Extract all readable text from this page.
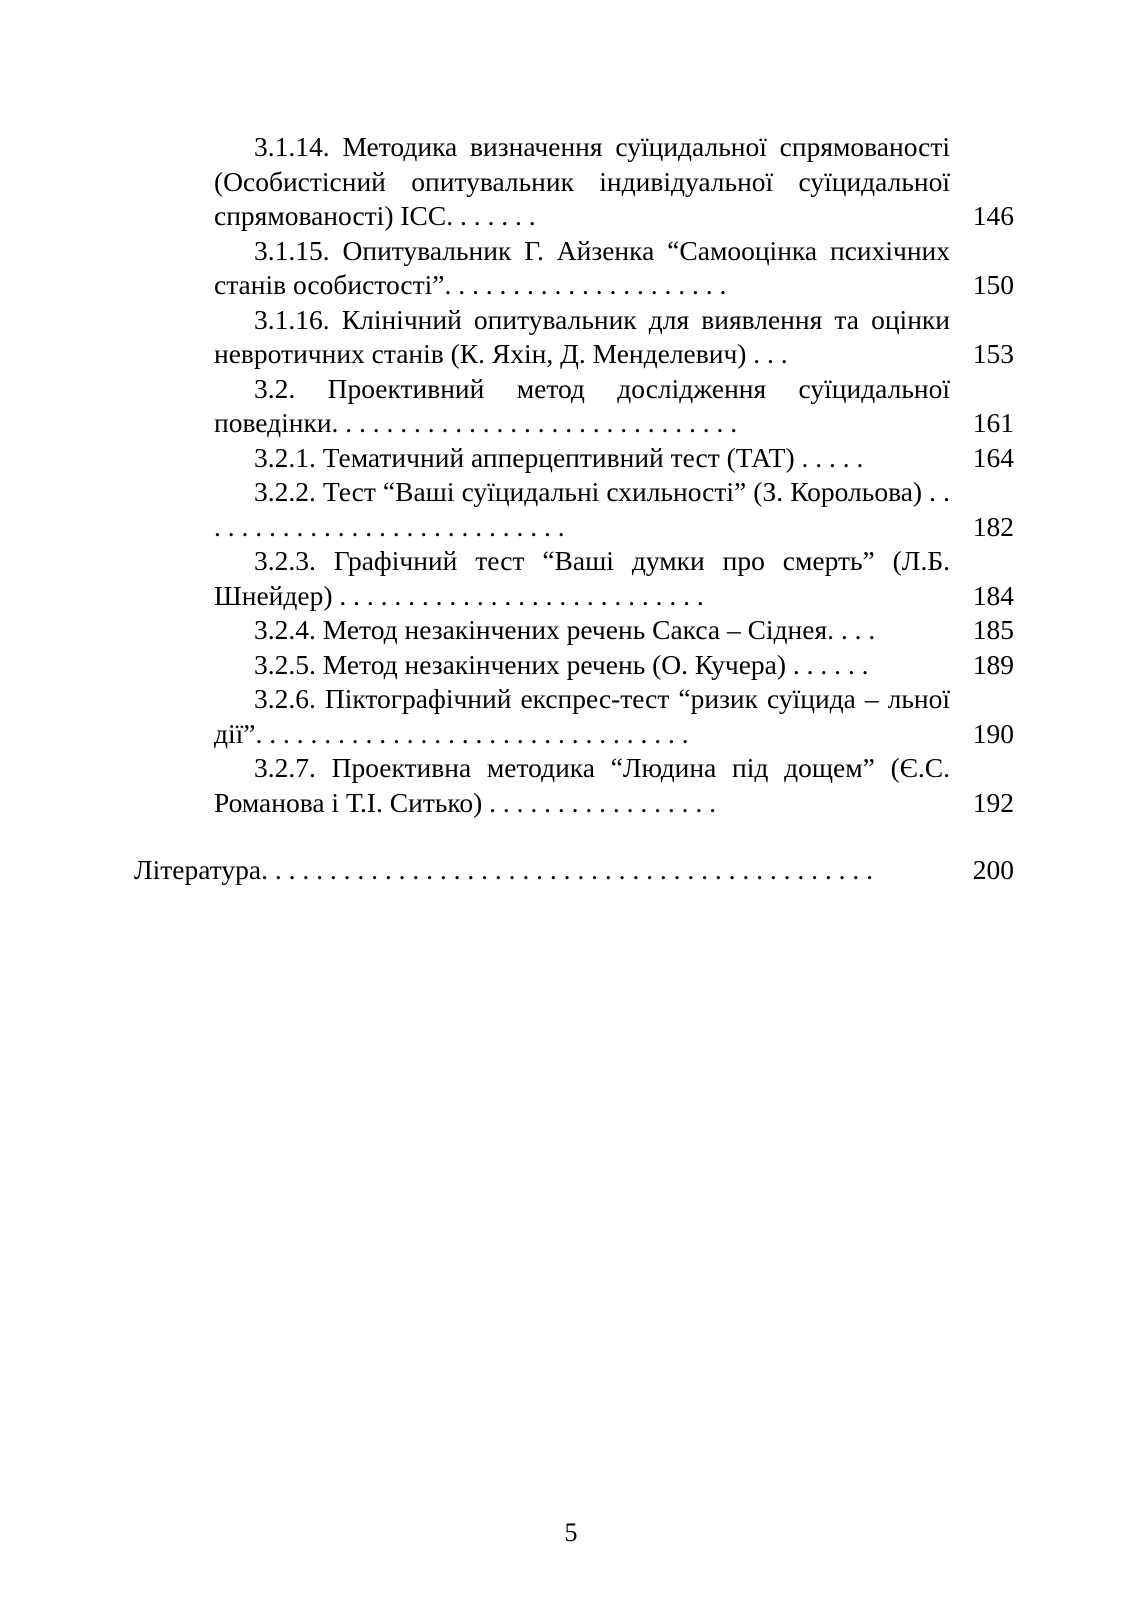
3.1.14. Методика визначення суїцидальної спрямованості (Особистісний опитувальник індивідуальної суїцидальної спрямованості) ІСС. . . . . . .	146
3.1.15. Опитувальник Г. Айзенка “Самооцінка психічних станів особистості”. . . . . . . . . . . . . . . . . . . . .	150
3.1.16. Клінічний опитувальник для виявлення та оцінки невротичних станів (К. Яхін, Д. Менделевич) . . .	153
3.2. Проективний метод дослідження суїцидальної поведінки. . . . . . . . . . . . . . . . . . . . . . . . . . . . . .	161
3.2.1. Тематичний апперцептивний тест (ТАТ) . . . . .	164
3.2.2. Тест “Ваші суїцидальні схильності” (З. Корольова) . . . . . . . . . . . . . . . . . . . . . . . . . . . .	182
3.2.3. Графічний тест “Ваші думки про смерть” (Л.Б. Шнейдер) . . . . . . . . . . . . . . . . . . . . . . . . . . .	184
3.2.4. Метод незакінчених речень Сакса – Сіднея. . . .	185
3.2.5. Метод незакінчених речень (О. Кучера) . . . . . .	189
3.2.6. Піктографічний експрес-тест “ризик суїцида – льної дії”. . . . . . . . . . . . . . . . . . . . . . . . . . . . . . . .	190
3.2.7. Проективна методика “Людина під дощем” (Є.С. Романова і Т.І. Ситько) . . . . . . . . . . . . . . . . .	192
Література. . . . . . . . . . . . . . . . . . . . . . . . . . . . . . . . . . . . . . . . . . . . .	200
5
